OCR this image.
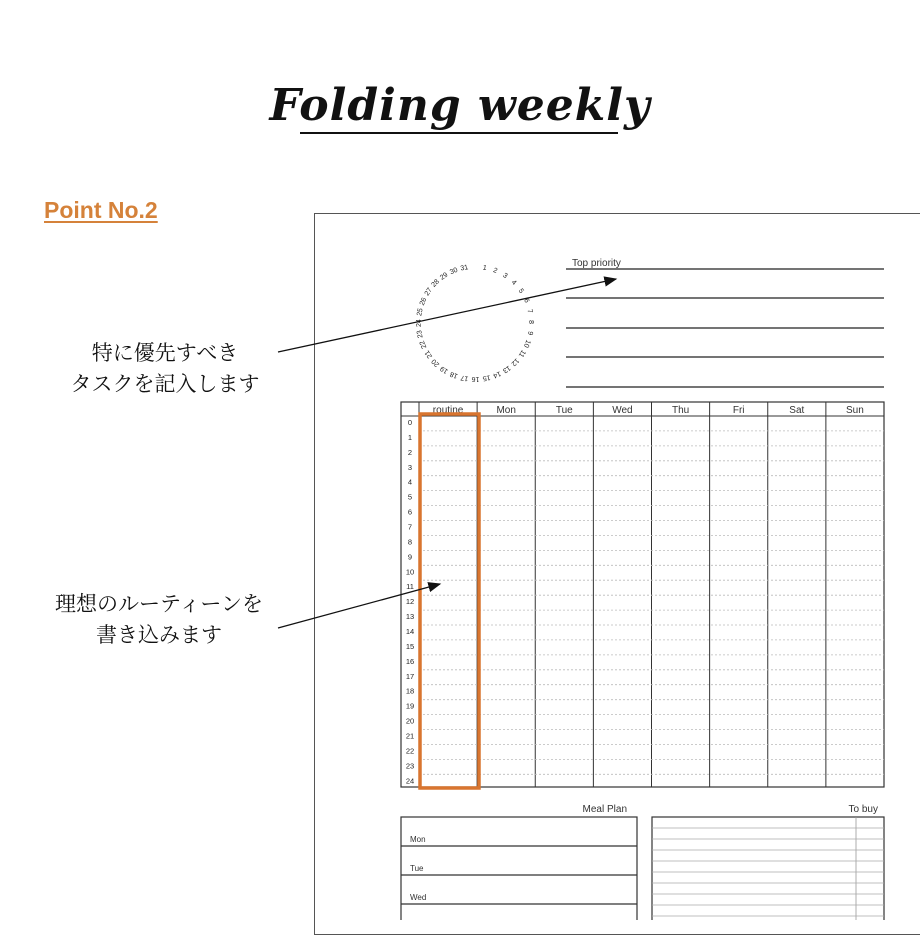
Folding weekly
Point No.2
特に優先すべき
タスクを記入します
理想のルーティーンを
書き込みます
1 2
3
4
5
6
7
8
9
10
11
12
13
14
15
16
17
18
19
20
21
22
23
24
25
26
27
28
29
30 31	Top priority
routine	Mon	Tue	Wed	Thu	Fri	Sat	Sun
0
1
2
3
4
5
6
7
8
9
10
11
12
13
14
15
16
17
18
19
20
21
22
23
24
Meal Plan
Mon
Tue
Wed
To buy
